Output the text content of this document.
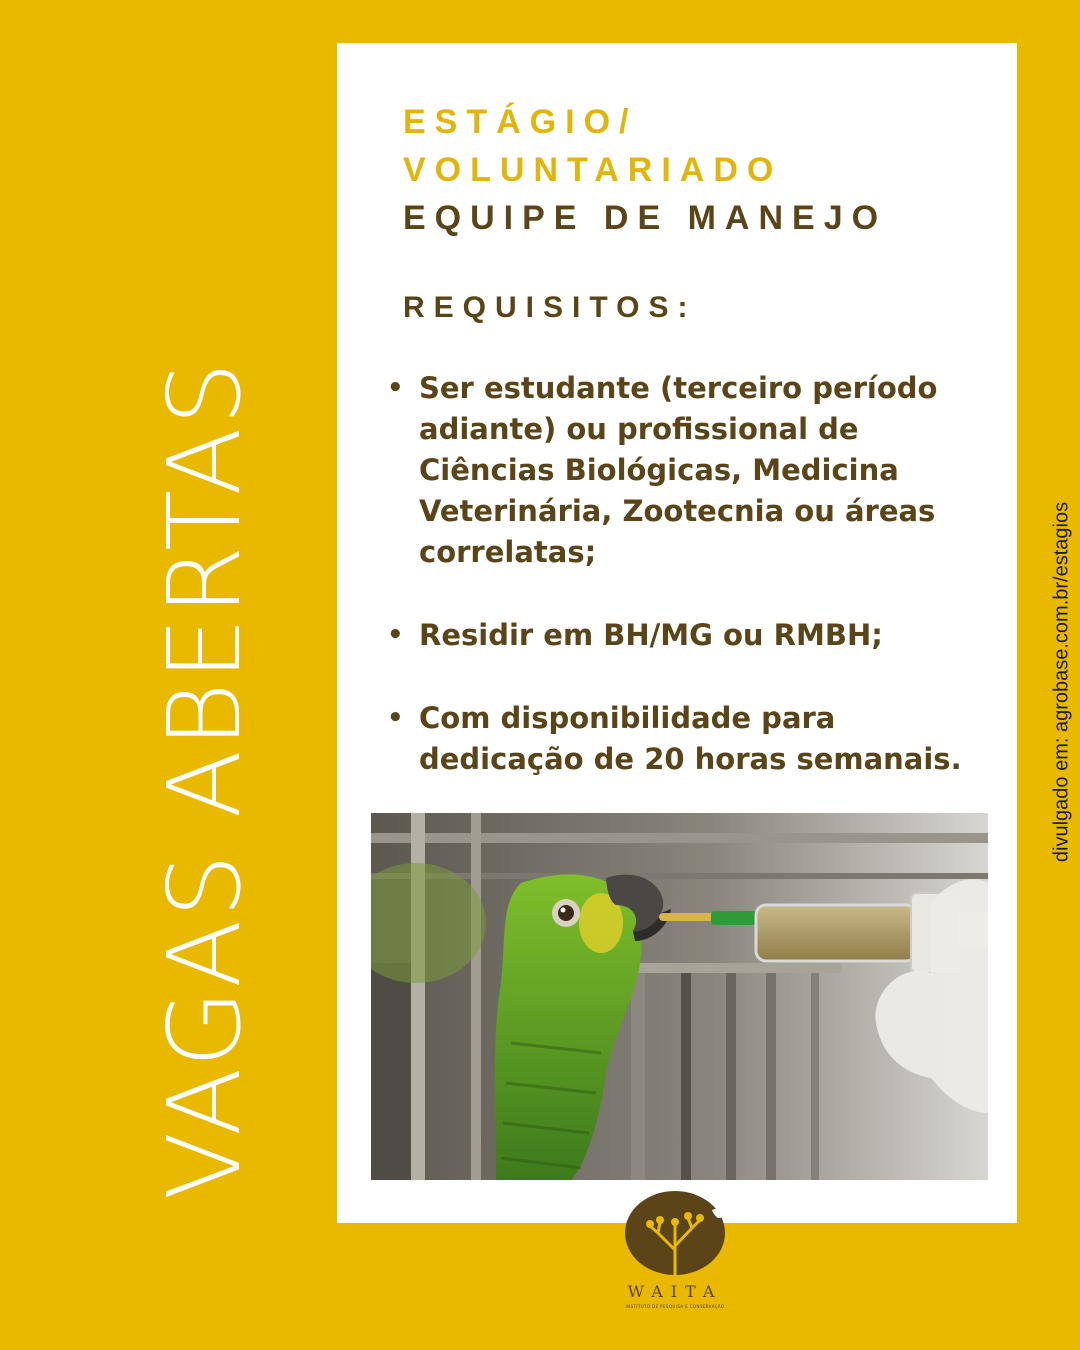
VAGAS ABERTAS	divulgado em: agrobase.com.br/estagios
ESTÁGIO/
VOLUNTARIADO
EQUIPE DE MANEJO
REQUISITOS:
• Ser estudante (terceiro período adiante) ou profissional de Ciências Biológicas, Medicina Veterinária, Zootecnia ou áreas correlatas;
• Residir em BH/MG ou RMBH;
• Com disponibilidade para dedicação de 20 horas semanais.
WAITA
INSTITUTO DE PESQUISA E CONSERVAÇÃO
